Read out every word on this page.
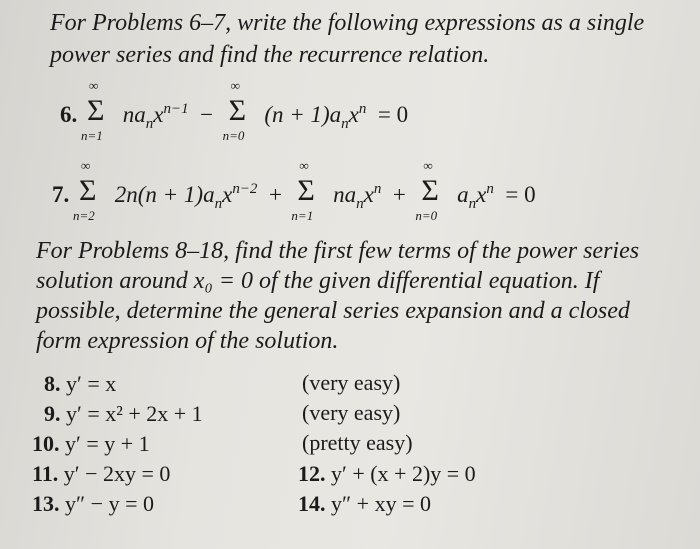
For Problems 6–7, write the following expressions as a single

power series and find the recurrence relation.

6.
∞
Σ
n=1
$na_nx^{n-1}$ −
∞
Σ
n=0
$(n + 1)a_nx^n = 0$
7.
∞
Σ
n=2
$2n(n + 1)a_nx^{n-2}$ +
∞
Σ
n=1
$na_nx^n$ +
∞
Σ
n=0
$a_nx^n = 0$

For Problems 8–18, find the first few terms of the power series

solution around x₀ = 0 of the given differential equation. If

possible, determine the general series expansion and a closed

form expression of the solution.

8. y′ = x	(very easy)
9. y′ = x² + 2x + 1	(very easy)
10. y′ = y + 1	(pretty easy)
11. y′ − 2xy = 0	12. y′ + (x + 2)y = 0
13. y″ − y = 0	14. y″ + xy = 0
